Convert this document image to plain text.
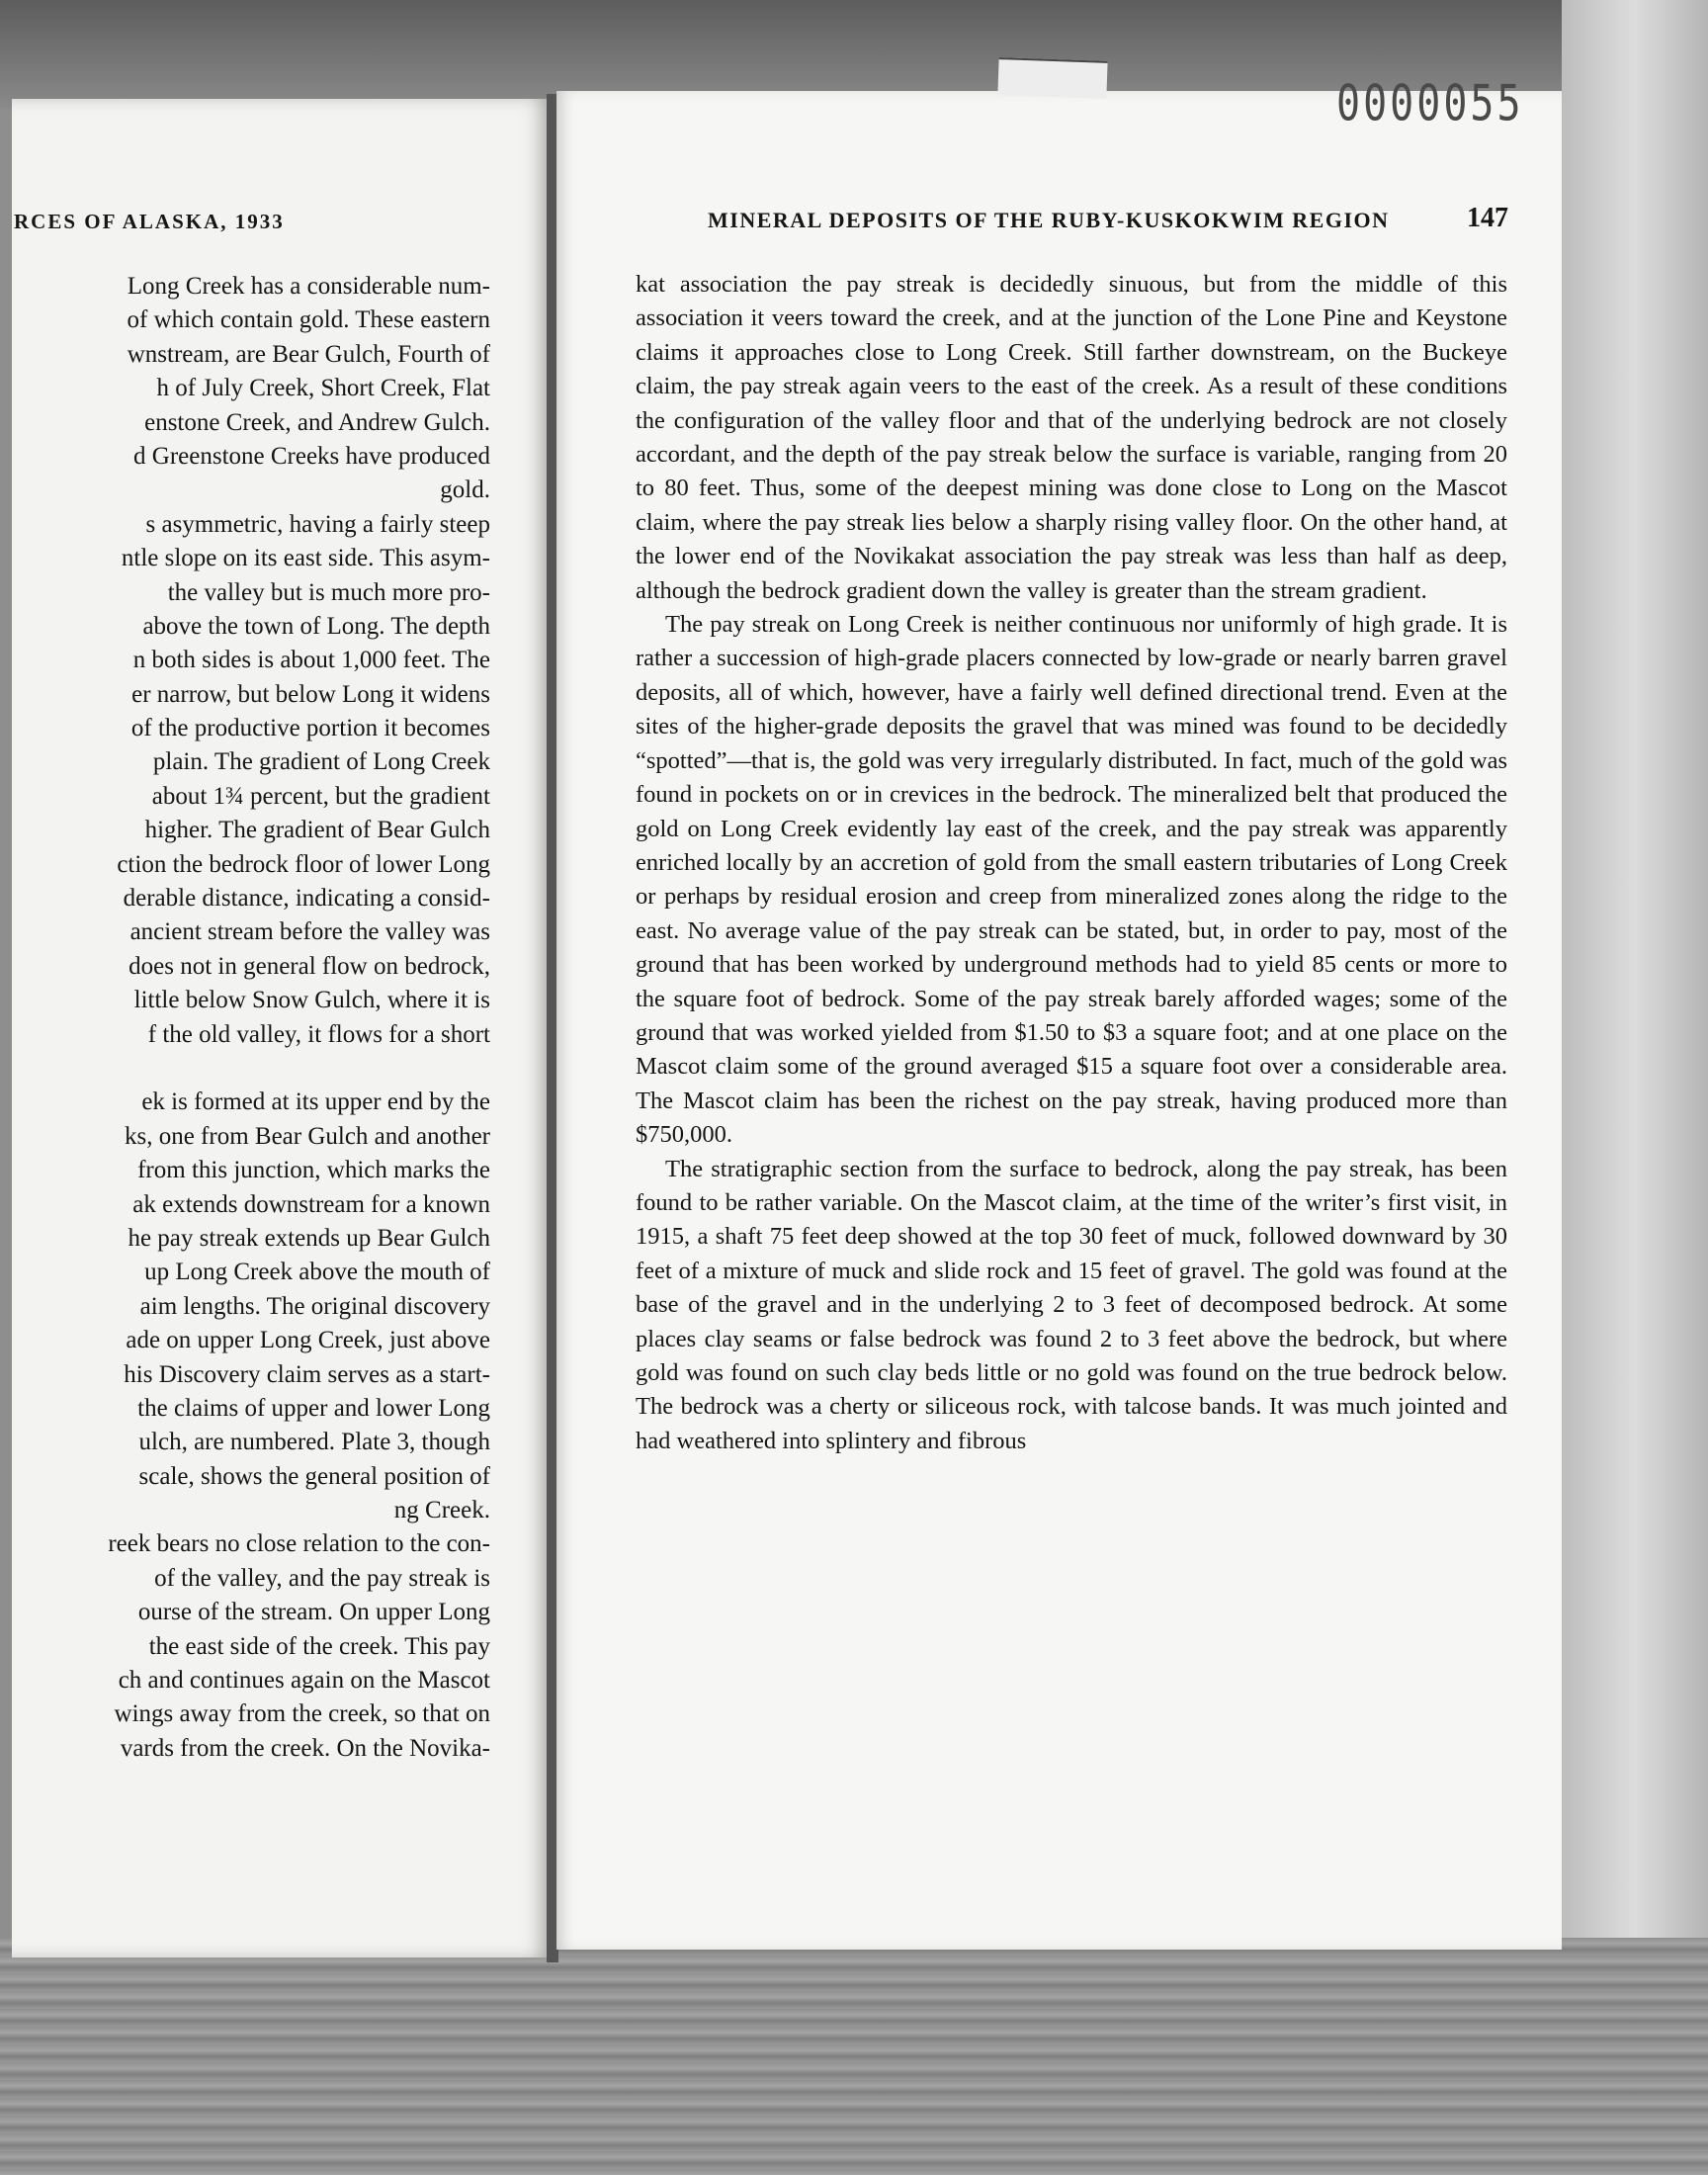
0000055
RCES OF ALASKA, 1933	MINERAL DEPOSITS OF THE RUBY-KUSKOKWIM REGION	147
Long Creek has a considerable num-
of which contain gold. These eastern
wnstream, are Bear Gulch, Fourth of
h of July Creek, Short Creek, Flat
enstone Creek, and Andrew Gulch.
d Greenstone Creeks have produced
gold.
s asymmetric, having a fairly steep
ntle slope on its east side. This asym-
the valley but is much more pro-
above the town of Long. The depth
n both sides is about 1,000 feet. The
er narrow, but below Long it widens
of the productive portion it becomes
plain. The gradient of Long Creek
about 1¾ percent, but the gradient
higher. The gradient of Bear Gulch
ction the bedrock floor of lower Long
derable distance, indicating a consid-
ancient stream before the valley was
does not in general flow on bedrock,
little below Snow Gulch, where it is
f the old valley, it flows for a short
ek is formed at its upper end by the
ks, one from Bear Gulch and another
from this junction, which marks the
ak extends downstream for a known
he pay streak extends up Bear Gulch
up Long Creek above the mouth of
aim lengths. The original discovery
ade on upper Long Creek, just above
his Discovery claim serves as a start-
the claims of upper and lower Long
ulch, are numbered. Plate 3, though
scale, shows the general position of
ng Creek.
reek bears no close relation to the con-
of the valley, and the pay streak is
ourse of the stream. On upper Long
the east side of the creek. This pay
ch and continues again on the Mascot
wings away from the creek, so that on
vards from the creek. On the Novika-

kat association the pay streak is decidedly sinuous, but from the middle of this association it veers toward the creek, and at the junction of the Lone Pine and Keystone claims it approaches close to Long Creek. Still farther downstream, on the Buckeye claim, the pay streak again veers to the east of the creek. As a result of these conditions the configuration of the valley floor and that of the underlying bedrock are not closely accordant, and the depth of the pay streak below the surface is variable, ranging from 20 to 80 feet. Thus, some of the deepest mining was done close to Long on the Mascot claim, where the pay streak lies below a sharply rising valley floor. On the other hand, at the lower end of the Novikakat association the pay streak was less than half as deep, although the bedrock gradient down the valley is greater than the stream gradient.

The pay streak on Long Creek is neither continuous nor uniformly of high grade. It is rather a succession of high-grade placers connected by low-grade or nearly barren gravel deposits, all of which, however, have a fairly well defined directional trend. Even at the sites of the higher-grade deposits the gravel that was mined was found to be decidedly “spotted”—that is, the gold was very irregularly distributed. In fact, much of the gold was found in pockets on or in crevices in the bedrock. The mineralized belt that produced the gold on Long Creek evidently lay east of the creek, and the pay streak was apparently enriched locally by an accretion of gold from the small eastern tributaries of Long Creek or perhaps by residual erosion and creep from mineralized zones along the ridge to the east. No average value of the pay streak can be stated, but, in order to pay, most of the ground that has been worked by underground methods had to yield 85 cents or more to the square foot of bedrock. Some of the pay streak barely afforded wages; some of the ground that was worked yielded from $1.50 to $3 a square foot; and at one place on the Mascot claim some of the ground averaged $15 a square foot over a considerable area. The Mascot claim has been the richest on the pay streak, having produced more than $750,000.

The stratigraphic section from the surface to bedrock, along the pay streak, has been found to be rather variable. On the Mascot claim, at the time of the writer’s first visit, in 1915, a shaft 75 feet deep showed at the top 30 feet of muck, followed downward by 30 feet of a mixture of muck and slide rock and 15 feet of gravel. The gold was found at the base of the gravel and in the underlying 2 to 3 feet of decomposed bedrock. At some places clay seams or false bedrock was found 2 to 3 feet above the bedrock, but where gold was found on such clay beds little or no gold was found on the true bedrock below. The bedrock was a cherty or siliceous rock, with talcose bands. It was much jointed and had weathered into splintery and fibrous
